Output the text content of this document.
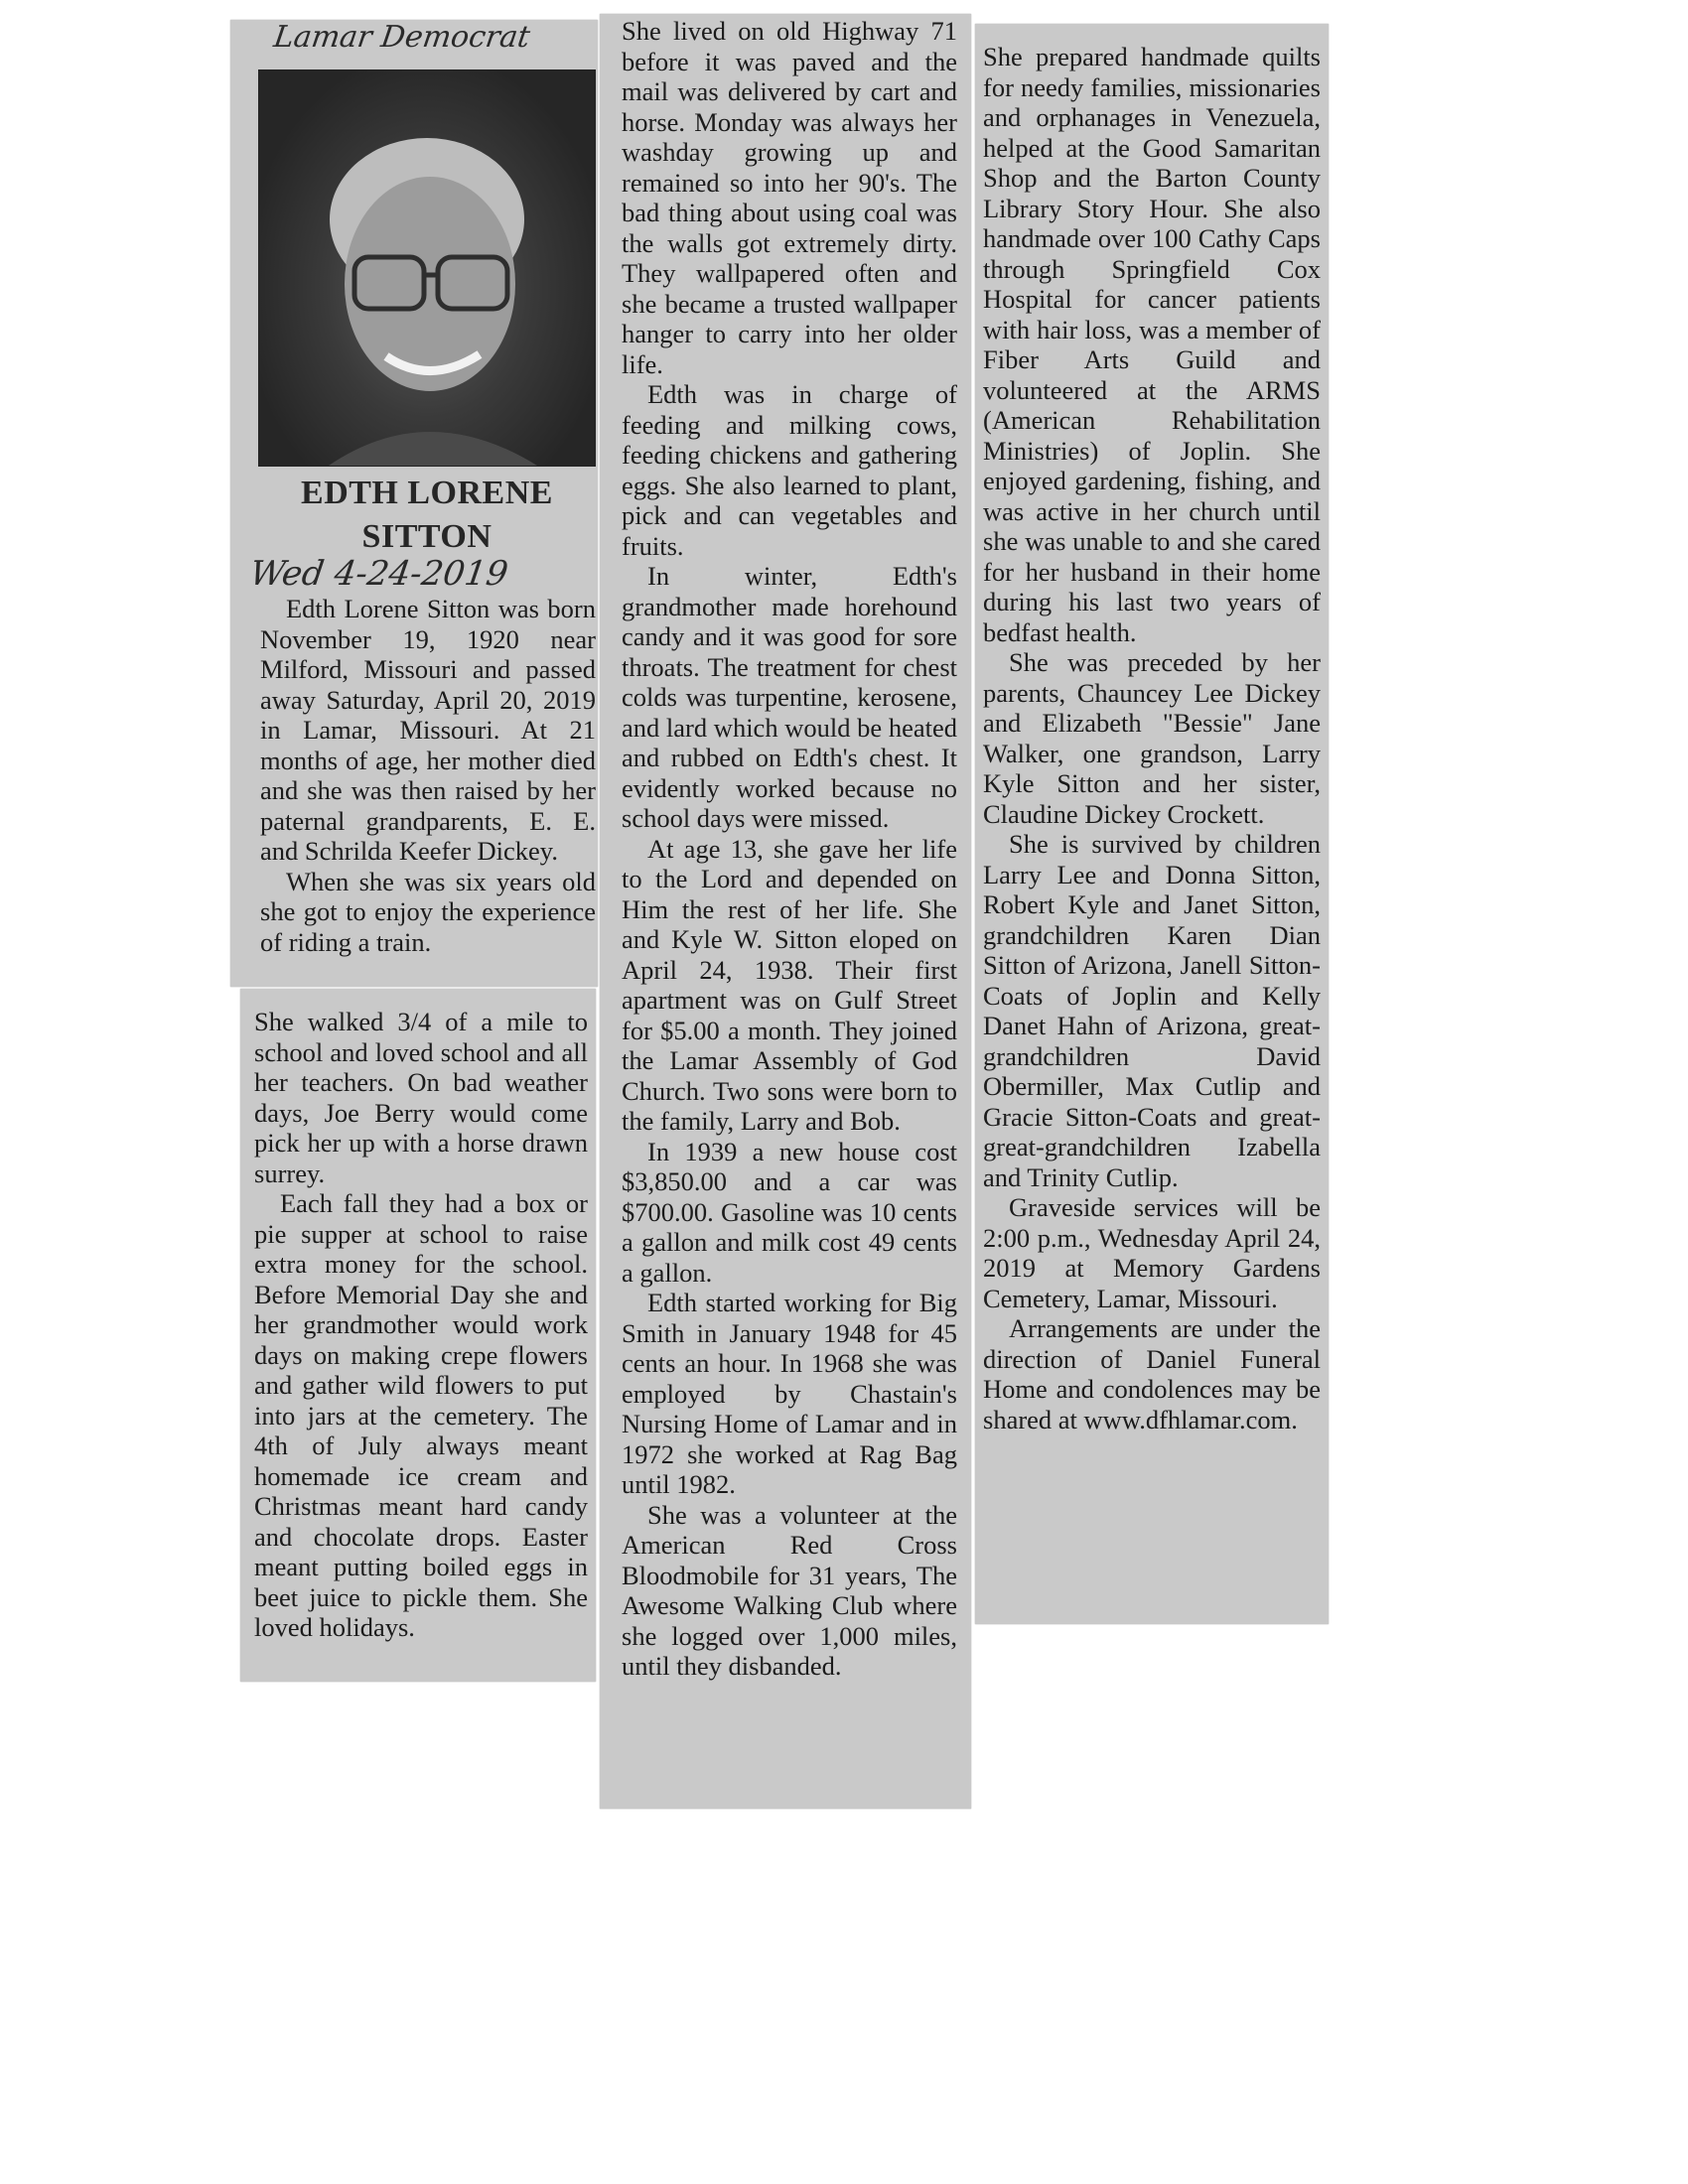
Lamar Democrat
EDTH LORENE
SITTON
Wed 4-24-2019

Edth Lorene Sitton was born November 19, 1920 near Milford, Missouri and passed away Saturday, April 20, 2019 in Lamar, Missouri. At 21 months of age, her mother died and she was then raised by her paternal grandparents, E. E. and Schrilda Keefer Dickey.

When she was six years old she got to enjoy the experience of riding a train.

She walked 3/4 of a mile to school and loved school and all her teachers. On bad weather days, Joe Berry would come pick her up with a horse drawn surrey.

Each fall they had a box or pie supper at school to raise extra money for the school. Before Memorial Day she and her grandmother would work days on making crepe flowers and gather wild flowers to put into jars at the cemetery. The 4th of July always meant homemade ice cream and Christmas meant hard candy and chocolate drops. Easter meant putting boiled eggs in beet juice to pickle them. She loved holidays.

She lived on old Highway 71 before it was paved and the mail was delivered by cart and horse. Monday was always her washday growing up and remained so into her 90's. The bad thing about using coal was the walls got extremely dirty. They wallpapered often and she became a trusted wallpaper hanger to carry into her older life.

Edth was in charge of feeding and milking cows, feeding chickens and gathering eggs. She also learned to plant, pick and can vegetables and fruits.

In winter, Edth's grandmother made horehound candy and it was good for sore throats. The treatment for chest colds was turpentine, kerosene, and lard which would be heated and rubbed on Edth's chest. It evidently worked because no school days were missed.

At age 13, she gave her life to the Lord and depended on Him the rest of her life. She and Kyle W. Sitton eloped on April 24, 1938. Their first apartment was on Gulf Street for $5.00 a month. They joined the Lamar Assembly of God Church. Two sons were born to the family, Larry and Bob.

In 1939 a new house cost $3,850.00 and a car was $700.00. Gasoline was 10 cents a gallon and milk cost 49 cents a gallon.

Edth started working for Big Smith in January 1948 for 45 cents an hour. In 1968 she was employed by Chastain's Nursing Home of Lamar and in 1972 she worked at Rag Bag until 1982.

She was a volunteer at the American Red Cross Bloodmobile for 31 years, The Awesome Walking Club where she logged over 1,000 miles, until they disbanded.

She prepared handmade quilts for needy families, missionaries and orphanages in Venezuela, helped at the Good Samaritan Shop and the Barton County Library Story Hour. She also handmade over 100 Cathy Caps through Springfield Cox Hospital for cancer patients with hair loss, was a member of Fiber Arts Guild and volunteered at the ARMS (American Rehabilitation Ministries) of Joplin. She enjoyed gardening, fishing, and was active in her church until she was unable to and she cared for her husband in their home during his last two years of bedfast health.

She was preceded by her parents, Chauncey Lee Dickey and Elizabeth "Bessie" Jane Walker, one grandson, Larry Kyle Sitton and her sister, Claudine Dickey Crockett.

She is survived by children Larry Lee and Donna Sitton, Robert Kyle and Janet Sitton, grandchildren Karen Dian Sitton of Arizona, Janell Sitton-Coats of Joplin and Kelly Danet Hahn of Arizona, great-grandchildren David Obermiller, Max Cutlip and Gracie Sitton-Coats and great-great-grandchildren Izabella and Trinity Cutlip.

Graveside services will be 2:00 p.m., Wednesday April 24, 2019 at Memory Gardens Cemetery, Lamar, Missouri.

Arrangements are under the direction of Daniel Funeral Home and condolences may be shared at www.dfhlamar.com.
